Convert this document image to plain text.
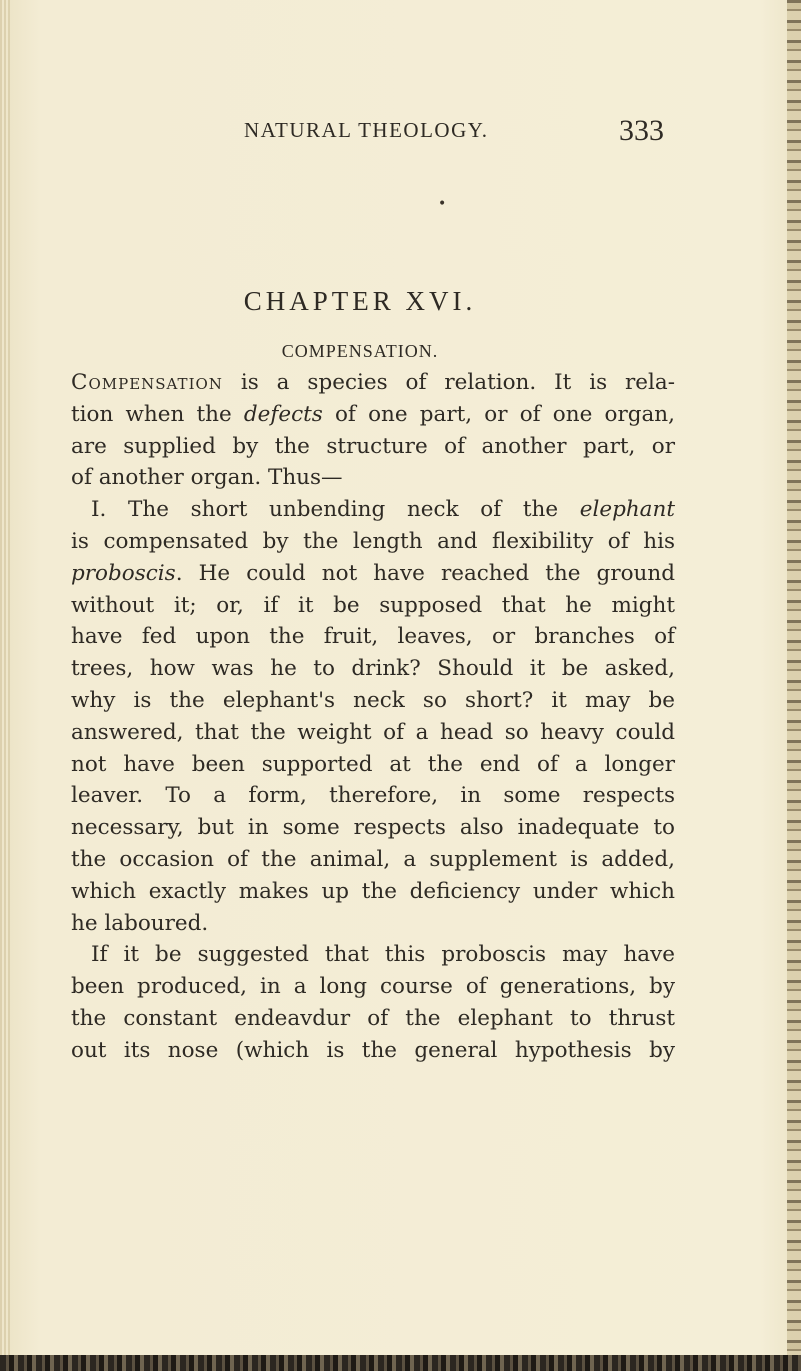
NATURAL THEOLOGY.	333
•
CHAPTER XVI.
COMPENSATION.
Compensation is a species of relation. It is rela-
tion when the defects of one part, or of one organ,
are supplied by the structure of another part, or
of another organ. Thus—
I. The short unbending neck of the elephant
is compensated by the length and flexibility of his
proboscis. He could not have reached the ground
without it; or, if it be supposed that he might
have fed upon the fruit, leaves, or branches of
trees, how was he to drink? Should it be asked,
why is the elephant's neck so short? it may be
answered, that the weight of a head so heavy could
not have been supported at the end of a longer
leaver. To a form, therefore, in some respects
necessary, but in some respects also inadequate to
the occasion of the animal, a supplement is added,
which exactly makes up the deficiency under which
he laboured.
If it be suggested that this proboscis may have
been produced, in a long course of generations, by
the constant endeavdur of the elephant to thrust
out its nose (which is the general hypothesis by
